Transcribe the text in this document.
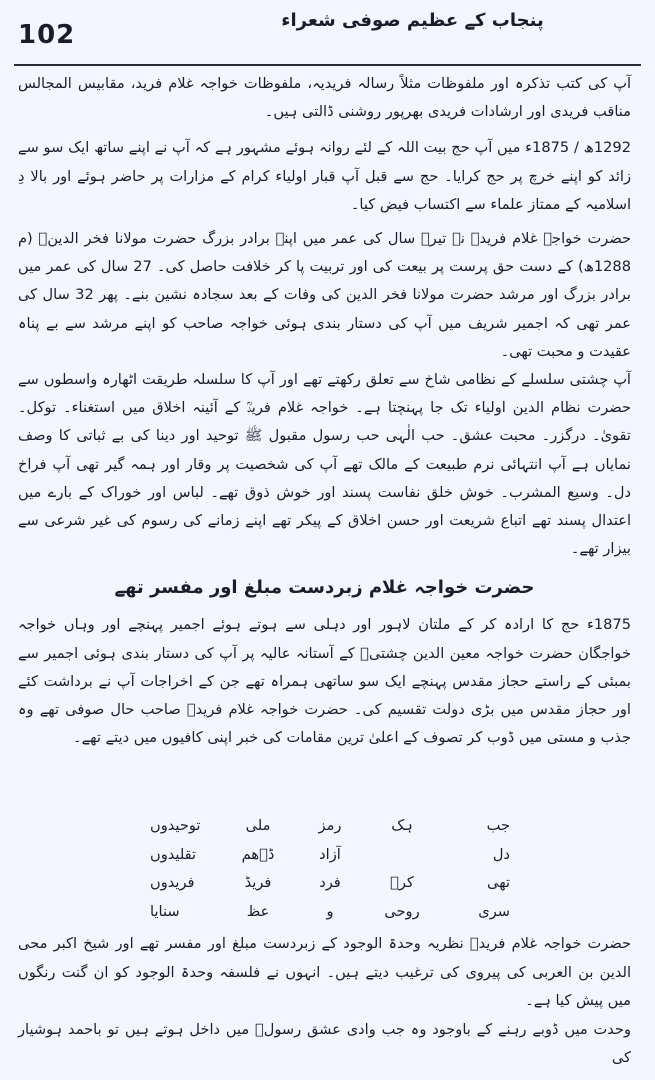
102	پنجاب کے عظیم صوفی شعراء

آپ کی کتب تذکرہ اور ملفوظات مثلاً رسالہ فریدیہ، ملفوظات خواجہ غلام فرید، مقابیس المجالس مناقب فریدی اور ارشادات فریدی بھرپور روشنی ڈالتی ہیں۔

1292ھ / 1875ء میں آپ حج بیت اللہ کے لئے روانہ ہوئے مشہور ہے کہ آپ نے اپنے ساتھ ایک سو سے زائد کو اپنے خرچ پر حج کرایا۔ حج سے قبل آپ قبار اولیاء کرام کے مزارات پر حاضر ہوئے اور بالا دِ اسلامیہ کے ممتاز علماء سے اکتساب فیض کیا۔

حضرت خواجہ غلام فریدؒ نے تیرہ سال کی عمر میں اپنے برادر بزرگ حضرت مولانا فخر الدینؒ (م 1288ھ) کے دست حق پرست پر بیعت کی اور تربیت پا کر خلافت حاصل کی۔ 27 سال کی عمر میں برادر بزرگ اور مرشد حضرت مولانا فخر الدین کی وفات کے بعد سجادہ نشین بنے۔ پھر 32 سال کی عمر تھی کہ اجمیر شریف میں آپ کی دستار بندی ہوئی خواجہ صاحب کو اپنے مرشد سے بے پناہ عقیدت و محبت تھی۔

آپ چشتی سلسلے کے نظامی شاخ سے تعلق رکھتے تھے اور آپ کا سلسلہ طریقت اٹھارہ واسطوں سے حضرت نظام الدین اولیاء تک جا پہنچتا ہے۔ خواجہ غلام فریدؒ کے آئینہ اخلاق میں استغناء۔ توکل۔ تقویٰ۔ درگزر۔ محبت عشق۔ حب الٰہی حب رسول مقبول ﷺ توحید اور دینا کی بے ثباتی کا وصف نمایاں ہے آپ انتہائی نرم طبیعت کے مالک تھے آپ کی شخصیت پر وقار اور ہمہ گیر تھی آپ فراخ دل۔ وسیع المشرب۔ خوش خلق نفاست پسند اور خوش ذوق تھے۔ لباس اور خوراک کے بارے میں اعتدال پسند تھے اتباع شریعت اور حسن اخلاق کے پیکر تھے اپنے زمانے کی رسوم کی غیر شرعی سے بیزار تھے۔

حضرت خواجہ غلام زبردست مبلغ اور مفسر تھے

1875ء حج کا ارادہ کر کے ملتان لاہور اور دہلی سے ہوتے ہوئے اجمیر پہنچے اور وہاں خواجہ خواجگان حضرت خواجہ معین الدین چشتیؒ کے آستانہ عالیہ پر آپ کی دستار بندی ہوئی اجمیر سے بمبئی کے راستے حجاز مقدس پہنچے ایک سو ساتھی ہمراہ تھے جن کے اخراجات آپ نے برداشت کئے اور حجاز مقدس میں بڑی دولت تقسیم کی۔ حضرت خواجہ غلام فریدؒ صاحب حال صوفی تھے وہ جذب و مستی میں ڈوب کر تصوف کے اعلیٰ ترین مقامات کی خبر اپنی کافیوں میں دیتے تھے۔

جب
ہک
رمز
ملی
توحیدوں
دل
آزاد
ڈٖھم
تقلیدوں
تھی
کرٖ
فرد
فریڈ
فریدوں
سری
روحی
و
عظ
سنایا

حضرت خواجہ غلام فریدؒ نظریہ وحدۃ الوجود کے زبردست مبلغ اور مفسر تھے اور شیخ اکبر محی الدین بن العربی کی پیروی کی ترغیب دیتے ہیں۔ انہوں نے فلسفہ وحدۃ الوجود کو ان گنت رنگوں میں پیش کیا ہے۔

وحدت میں ڈوبے رہنے کے باوجود وہ جب وادی عشق رسولؐ میں داخل ہوتے ہیں تو باحمد ہوشیار کی
